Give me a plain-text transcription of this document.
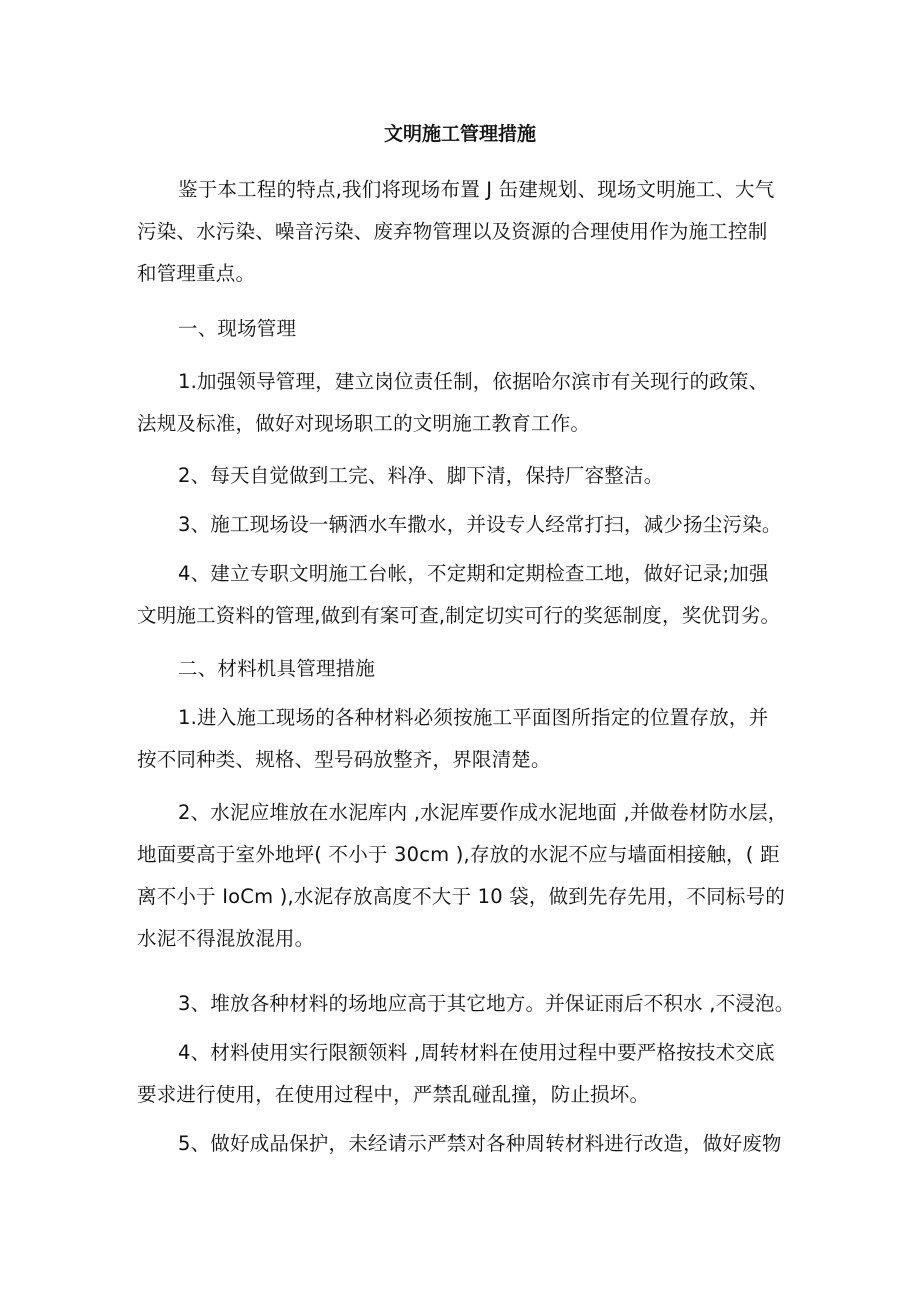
文明施工管理措施
鉴于本工程的特点,我们将现场布置 J 缶建规划、现场文明施工、大气
污染、水污染、噪音污染、废弃物管理以及资源的合理使用作为施工控制
和管理重点。
一、现场管理
1.加强领导管理，建立岗位责任制，依据哈尔滨市有关现行的政策、
法规及标准，做好对现场职工的文明施工教育工作。
2、每天自觉做到工完、料净、脚下清，保持厂容整洁。
3、施工现场设一辆洒水车撒水，并设专人经常打扫，减少扬尘污染。
4、建立专职文明施工台帐，不定期和定期检查工地，做好记录;加强
文明施工资料的管理,做到有案可查,制定切实可行的奖惩制度，奖优罚劣。
二、材料机具管理措施
1.进入施工现场的各种材料必须按施工平面图所指定的位置存放，并
按不同种类、规格、型号码放整齐，界限清楚。
2、水泥应堆放在水泥库内 ,水泥库要作成水泥地面 ,并做卷材防水层，
地面要高于室外地坪( 不小于 30cm ),存放的水泥不应与墙面相接触，( 距
离不小于 IoCm ),水泥存放高度不大于 10 袋，做到先存先用，不同标号的
水泥不得混放混用。
3、堆放各种材料的场地应高于其它地方。并保证雨后不积水 ,不浸泡。
4、材料使用实行限额领料 ,周转材料在使用过程中要严格按技术交底
要求进行使用，在使用过程中，严禁乱碰乱撞，防止损坏。
5、做好成品保护，未经请示严禁对各种周转材料进行改造，做好废物
